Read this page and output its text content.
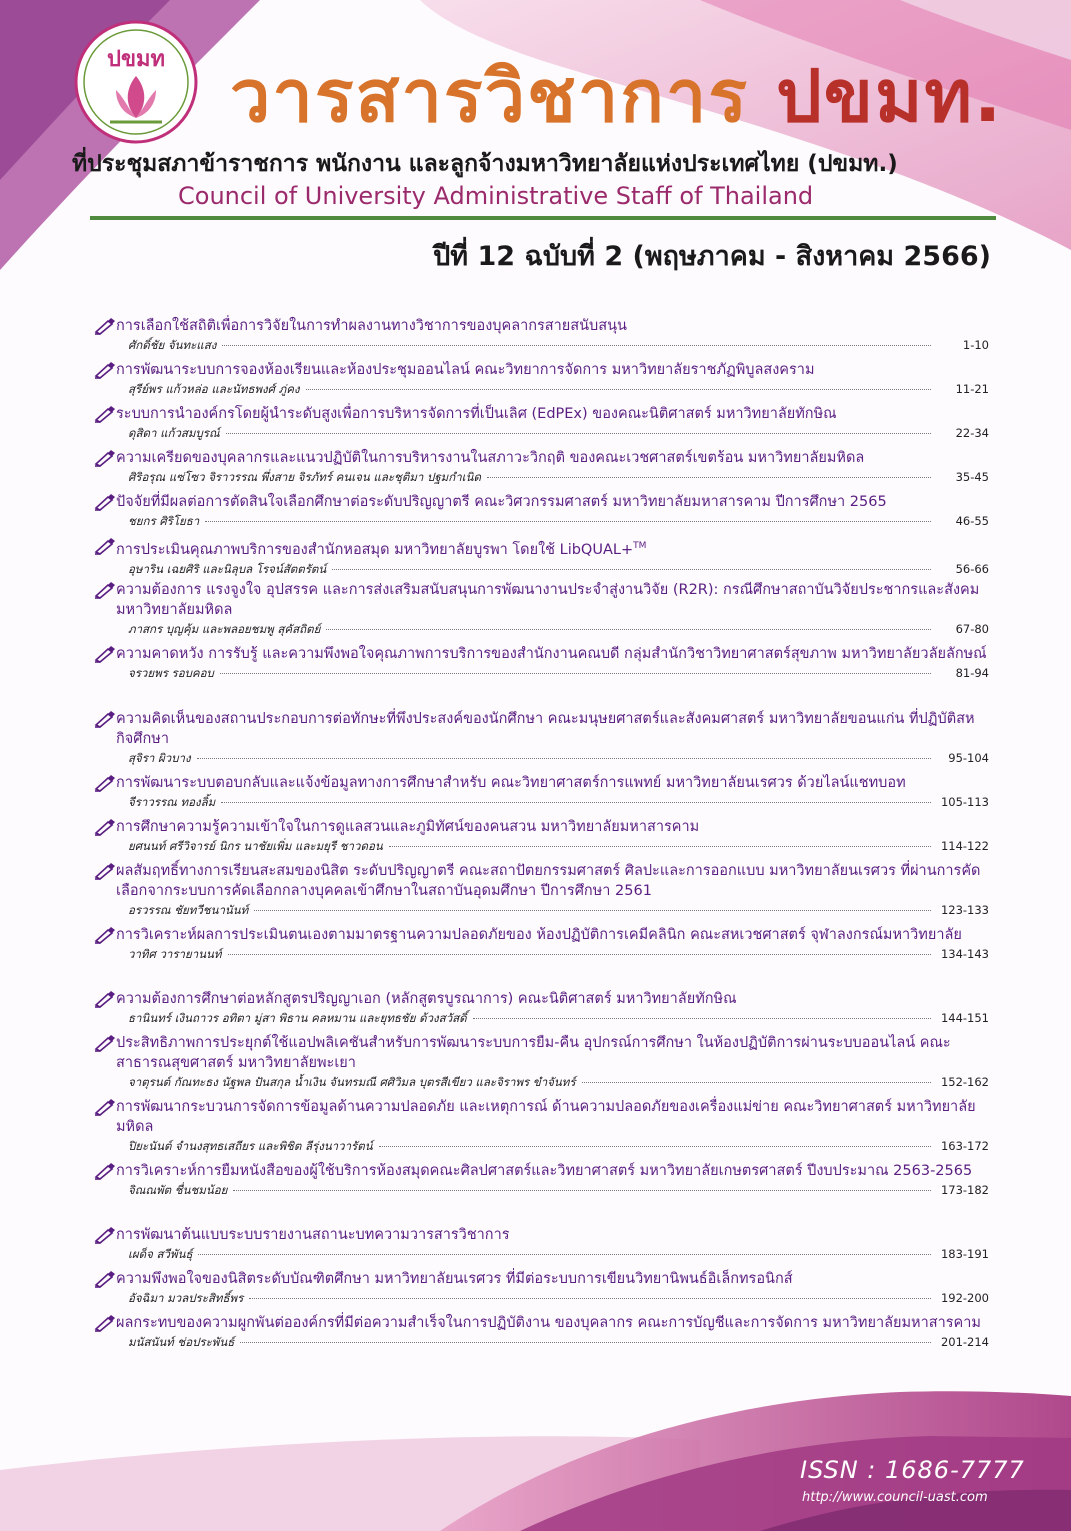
ปขมท วารสารวิชาการ ปขมท.
ที่ประชุมสภาข้าราชการ พนักงาน และลูกจ้างมหาวิทยาลัยแห่งประเทศไทย (ปขมท.)
Council of University Administrative Staff of Thailand
ปีที่ 12 ฉบับที่ 2 (พฤษภาคม - สิงหาคม 2566)
การเลือกใช้สถิติเพื่อการวิจัยในการทำผลงานทางวิชาการของบุคลากรสายสนับสนุน
ศักดิ์ชัย จันทะแสง	1-10
การพัฒนาระบบการจองห้องเรียนและห้องประชุมออนไลน์ คณะวิทยาการจัดการ มหาวิทยาลัยราชภัฏพิบูลสงคราม
สุรีย์พร แก้วหล่อ และนัทธพงศ์ ภู่คง	11-21
ระบบการนำองค์กรโดยผู้นำระดับสูงเพื่อการบริหารจัดการที่เป็นเลิศ (EdPEx) ของคณะนิติศาสตร์ มหาวิทยาลัยทักษิณ
ดุสิดา แก้วสมบูรณ์	22-34
ความเครียดของบุคลากรและแนวปฏิบัติในการบริหารงานในสภาวะวิกฤติ ของคณะเวชศาสตร์เขตร้อน มหาวิทยาลัยมหิดล
ศิริอรุณ แซ่โซว จิราวรรณ พึ่งสาย จิรภัทร์ คนเจน และชุติมา ปฐมกำเนิด	35-45
ปัจจัยที่มีผลต่อการตัดสินใจเลือกศึกษาต่อระดับปริญญาตรี คณะวิศวกรรมศาสตร์ มหาวิทยาลัยมหาสารคาม ปีการศึกษา 2565
ชยกร ศิริโยธา	46-55
การประเมินคุณภาพบริการของสำนักหอสมุด มหาวิทยาลัยบูรพา โดยใช้ LibQUAL+™
อุษาริน เฉยศิริ และนิลุบล โรจน์สัตตรัตน์	56-66
ความต้องการ แรงจูงใจ อุปสรรค และการส่งเสริมสนับสนุนการพัฒนางานประจำสู่งานวิจัย (R2R): กรณีศึกษาสถาบันวิจัยประชากรและสังคม มหาวิทยาลัยมหิดล
ภาสกร บุญคุ้ม และพลอยชมพู สุคัสถิตย์	67-80
ความคาดหวัง การรับรู้ และความพึงพอใจคุณภาพการบริการของสำนักงานคณบดี กลุ่มสำนักวิชาวิทยาศาสตร์สุขภาพ มหาวิทยาลัยวลัยลักษณ์
จรวยพร รอบคอบ	81-94
ความคิดเห็นของสถานประกอบการต่อทักษะที่พึงประสงค์ของนักศึกษา คณะมนุษยศาสตร์และสังคมศาสตร์ มหาวิทยาลัยขอนแก่น ที่ปฏิบัติสหกิจศึกษา
สุจิรา ผิวบาง	95-104
การพัฒนาระบบตอบกลับและแจ้งข้อมูลทางการศึกษาสำหรับ คณะวิทยาศาสตร์การแพทย์ มหาวิทยาลัยนเรศวร ด้วยไลน์แชทบอท
จีราวรรณ ทองลิ้ม	105-113
การศึกษาความรู้ความเข้าใจในการดูแลสวนและภูมิทัศน์ของคนสวน มหาวิทยาลัยมหาสารคาม
ยศนนท์ ศรีวิจารย์ นิกร นาชัยเพิ่ม และมยุรี ชาวดอน	114-122
ผลสัมฤทธิ์ทางการเรียนสะสมของนิสิต ระดับปริญญาตรี คณะสถาปัตยกรรมศาสตร์ ศิลปะและการออกแบบ มหาวิทยาลัยนเรศวร ที่ผ่านการคัดเลือกจากระบบการคัดเลือกกลางบุคคลเข้าศึกษาในสถาบันอุดมศึกษา ปีการศึกษา 2561
อรวรรณ ชัยทวีชนานันท์	123-133
การวิเคราะห์ผลการประเมินตนเองตามมาตรฐานความปลอดภัยของ ห้องปฏิบัติการเคมีคลินิก คณะสหเวชศาสตร์ จุฬาลงกรณ์มหาวิทยาลัย
วาทิศ วารายานนท์	134-143
ความต้องการศึกษาต่อหลักสูตรปริญญาเอก (หลักสูตรบูรณาการ) คณะนิติศาสตร์ มหาวิทยาลัยทักษิณ
ธานินทร์ เงินถาวร อทิตา มู่สา พิธาน คลหมาน และยุทธชัย ด้วงสวัสดิ์	144-151
ประสิทธิภาพการประยุกต์ใช้แอปพลิเคชันสำหรับการพัฒนาระบบการยืม-คืน อุปกรณ์การศึกษา ในห้องปฏิบัติการผ่านระบบออนไลน์ คณะสาธารณสุขศาสตร์ มหาวิทยาลัยพะเยา
จาตุรนต์ กัณทะธง นัฐพล ปันสกุล น้ำเงิน จันทรมณี ศศิวิมล บุตรสีเขียว และจิราพร ขำจันทร์	152-162
การพัฒนากระบวนการจัดการข้อมูลด้านความปลอดภัย และเหตุการณ์ ด้านความปลอดภัยของเครื่องแม่ข่าย คณะวิทยาศาสตร์ มหาวิทยาลัยมหิดล
ปิยะนันต์ จำนงสุทธเสถียร และพิชิต ลีรุ่งนาวารัตน์	163-172
การวิเคราะห์การยืมหนังสือของผู้ใช้บริการห้องสมุดคณะศิลปศาสตร์และวิทยาศาสตร์ มหาวิทยาลัยเกษตรศาสตร์ ปีงบประมาณ 2563-2565
จิณณพัต ชื่นชมน้อย	173-182
การพัฒนาต้นแบบระบบรายงานสถานะบทความวารสารวิชาการ
เผด็จ สวีพันธุ์	183-191
ความพึงพอใจของนิสิตระดับบัณฑิตศึกษา มหาวิทยาลัยนเรศวร ที่มีต่อระบบการเขียนวิทยานิพนธ์อิเล็กทรอนิกส์
อัจฉิมา มวลประสิทธิ์พร	192-200
ผลกระทบของความผูกพันต่อองค์กรที่มีต่อความสำเร็จในการปฏิบัติงาน ของบุคลากร คณะการบัญชีและการจัดการ มหาวิทยาลัยมหาสารคาม
มนัสนันท์ ช่อประพันธ์	201-214
ISSN : 1686-7777
http://www.council-uast.com
